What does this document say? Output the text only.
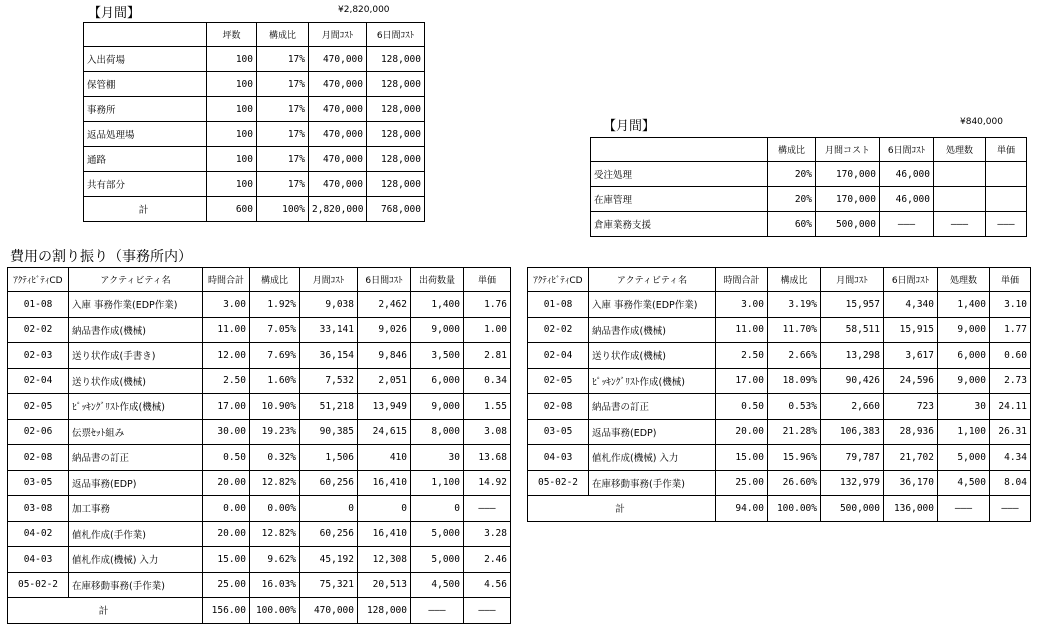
【月間】	¥2,820,000
	坪数	構成比	月間ｺｽﾄ	6日間ｺｽﾄ
入出荷場	100	17%	470,000	128,000
保管棚	100	17%	470,000	128,000
事務所	100	17%	470,000	128,000
返品処理場	100	17%	470,000	128,000
通路	100	17%	470,000	128,000
共有部分	100	17%	470,000	128,000
計	600	100%	2,820,000	768,000
【月間】	¥840,000
	構成比	月間コスト	6日間ｺｽﾄ	処理数	単価
受注処理	20%	170,000	46,000		
在庫管理	20%	170,000	46,000		
倉庫業務支援	60%	500,000	———	———	———
費用の割り振り（事務所内）
ｱｸﾃｨﾋﾞﾃｨCD	アクティビティ名	時間合計	構成比	月間ｺｽﾄ	6日間ｺｽﾄ	出荷数量	単価
01-08	入庫 事務作業(EDP作業)	3.00	1.92%	9,038	2,462	1,400	1.76
02-02	納品書作成(機械)	11.00	7.05%	33,141	9,026	9,000	1.00
02-03	送り状作成(手書き)	12.00	7.69%	36,154	9,846	3,500	2.81
02-04	送り状作成(機械)	2.50	1.60%	7,532	2,051	6,000	0.34
02-05	ﾋﾟｯｷﾝｸﾞﾘｽﾄ作成(機械)	17.00	10.90%	51,218	13,949	9,000	1.55
02-06	伝票ｾｯﾄ組み	30.00	19.23%	90,385	24,615	8,000	3.08
02-08	納品書の訂正	0.50	0.32%	1,506	410	30	13.68
03-05	返品事務(EDP)	20.00	12.82%	60,256	16,410	1,100	14.92
03-08	加工事務	0.00	0.00%	0	0	0	———
04-02	値札作成(手作業)	20.00	12.82%	60,256	16,410	5,000	3.28
04-03	値札作成(機械) 入力	15.00	9.62%	45,192	12,308	5,000	2.46
05-02-2	在庫移動事務(手作業)	25.00	16.03%	75,321	20,513	4,500	4.56
計		156.00	100.00%	470,000	128,000	———	———
ｱｸﾃｨﾋﾞﾃｨCD	アクティビティ名	時間合計	構成比	月間ｺｽﾄ	6日間ｺｽﾄ	処理数	単価
01-08	入庫 事務作業(EDP作業)	3.00	3.19%	15,957	4,340	1,400	3.10
02-02	納品書作成(機械)	11.00	11.70%	58,511	15,915	9,000	1.77
02-04	送り状作成(機械)	2.50	2.66%	13,298	3,617	6,000	0.60
02-05	ﾋﾟｯｷﾝｸﾞﾘｽﾄ作成(機械)	17.00	18.09%	90,426	24,596	9,000	2.73
02-08	納品書の訂正	0.50	0.53%	2,660	723	30	24.11
03-05	返品事務(EDP)	20.00	21.28%	106,383	28,936	1,100	26.31
04-03	値札作成(機械) 入力	15.00	15.96%	79,787	21,702	5,000	4.34
05-02-2	在庫移動事務(手作業)	25.00	26.60%	132,979	36,170	4,500	8.04
計		94.00	100.00%	500,000	136,000	———	———
